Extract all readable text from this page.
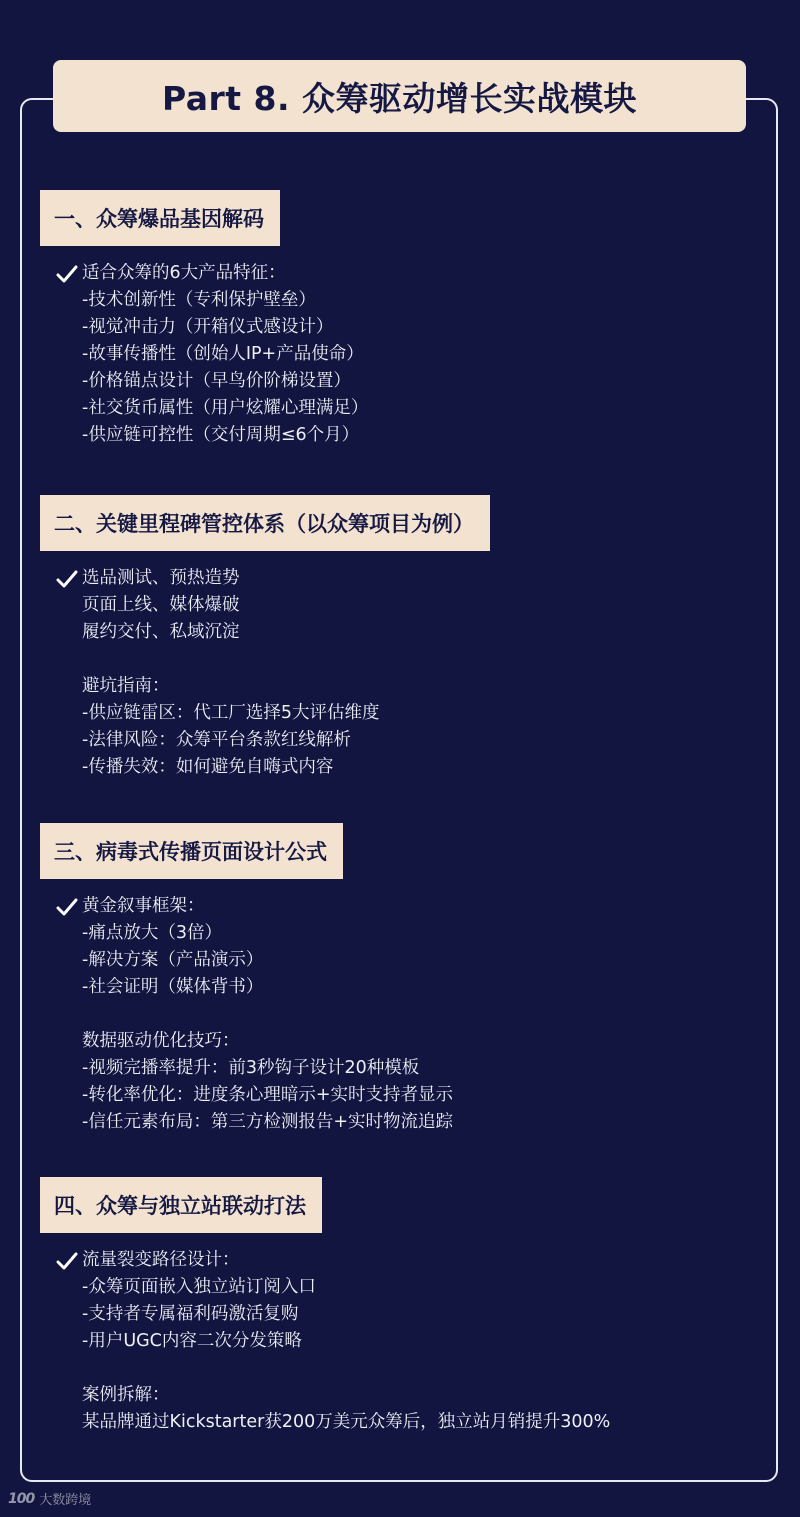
Part 8. 众筹驱动增长实战模块
一、众筹爆品基因解码
适合众筹的6大产品特征：
-技术创新性（专利保护壁垒）
-视觉冲击力（开箱仪式感设计）
-故事传播性（创始人IP+产品使命）
-价格锚点设计（早鸟价阶梯设置）
-社交货币属性（用户炫耀心理满足）
-供应链可控性（交付周期≤6个月）
二、关键里程碑管控体系（以众筹项目为例）
选品测试、预热造势
页面上线、媒体爆破
履约交付、私域沉淀
避坑指南：
-供应链雷区：代工厂选择5大评估维度
-法律风险：众筹平台条款红线解析
-传播失效：如何避免自嗨式内容
三、病毒式传播页面设计公式
黄金叙事框架：
-痛点放大（3倍）
-解决方案（产品演示）
-社会证明（媒体背书）
数据驱动优化技巧：
-视频完播率提升：前3秒钩子设计20种模板
-转化率优化：进度条心理暗示+实时支持者显示
-信任元素布局：第三方检测报告+实时物流追踪
四、众筹与独立站联动打法
流量裂变路径设计：
-众筹页面嵌入独立站订阅入口
-支持者专属福利码激活复购
-用户UGC内容二次分发策略
案例拆解：
某品牌通过Kickstarter获200万美元众筹后，独立站月销提升300%
100 大数跨境
